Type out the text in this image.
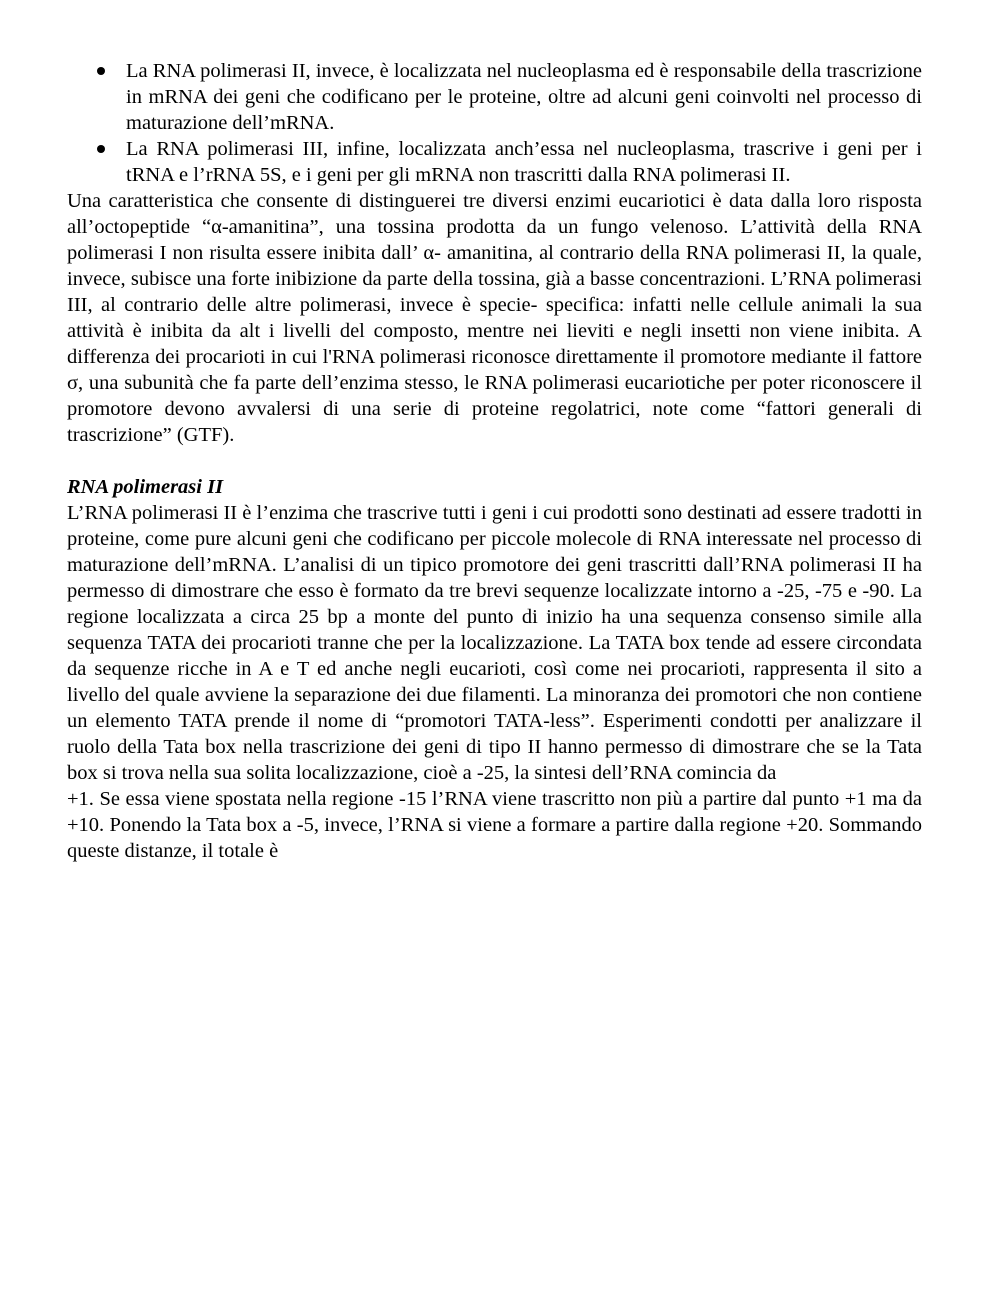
La RNA polimerasi II, invece, è localizzata nel nucleoplasma ed è responsabile della trascrizione in mRNA dei geni che codificano per le proteine, oltre ad alcuni geni coinvolti nel processo di maturazione dell’mRNA.
La RNA polimerasi III, infine, localizzata anch’essa nel nucleoplasma, trascrive i geni per i tRNA e l’rRNA 5S, e i geni per gli mRNA non trascritti dalla RNA polimerasi II.

Una caratteristica che consente di distinguerei tre diversi enzimi eucariotici è data dalla loro risposta all’octopeptide “α-amanitina”, una tossina prodotta da un fungo velenoso. L’attività della RNA polimerasi I non risulta essere inibita dall’ α- amanitina, al contrario della RNA polimerasi II, la quale, invece, subisce una forte inibizione da parte della tossina, già a basse concentrazioni. L’RNA polimerasi III, al contrario delle altre polimerasi, invece è specie- specifica: infatti nelle cellule animali la sua attività è inibita da alt i livelli del composto, mentre nei lieviti e negli insetti non viene inibita. A differenza dei procarioti in cui l'RNA polimerasi riconosce direttamente il promotore mediante il fattore σ, una subunità che fa parte dell’enzima stesso, le RNA polimerasi eucariotiche per poter riconoscere il promotore devono avvalersi di una serie di proteine regolatrici, note come “fattori generali di trascrizione” (GTF).

RNA polimerasi II

L’RNA polimerasi II è l’enzima che trascrive tutti i geni i cui prodotti sono destinati ad essere tradotti in proteine, come pure alcuni geni che codificano per piccole molecole di RNA interessate nel processo di maturazione dell’mRNA. L’analisi di un tipico promotore dei geni trascritti dall’RNA polimerasi II ha permesso di dimostrare che esso è formato da tre brevi sequenze localizzate intorno a -25, -75 e -90. La regione localizzata a circa 25 bp a monte del punto di inizio ha una sequenza consenso simile alla sequenza TATA dei procarioti tranne che per la localizzazione. La TATA box tende ad essere circondata da sequenze ricche in A e T ed anche negli eucarioti, così come nei procarioti, rappresenta il sito a livello del quale avviene la separazione dei due filamenti. La minoranza dei promotori che non contiene un elemento TATA prende il nome di “promotori TATA-less”. Esperimenti condotti per analizzare il ruolo della Tata box nella trascrizione dei geni di tipo II hanno permesso di dimostrare che se la Tata box si trova nella sua solita localizzazione, cioè a -25, la sintesi dell’RNA comincia da

+1. Se essa viene spostata nella regione -15 l’RNA viene trascritto non più a partire dal punto +1 ma da +10. Ponendo la Tata box a -5, invece, l’RNA si viene a formare a partire dalla regione +20. Sommando queste distanze, il totale è
